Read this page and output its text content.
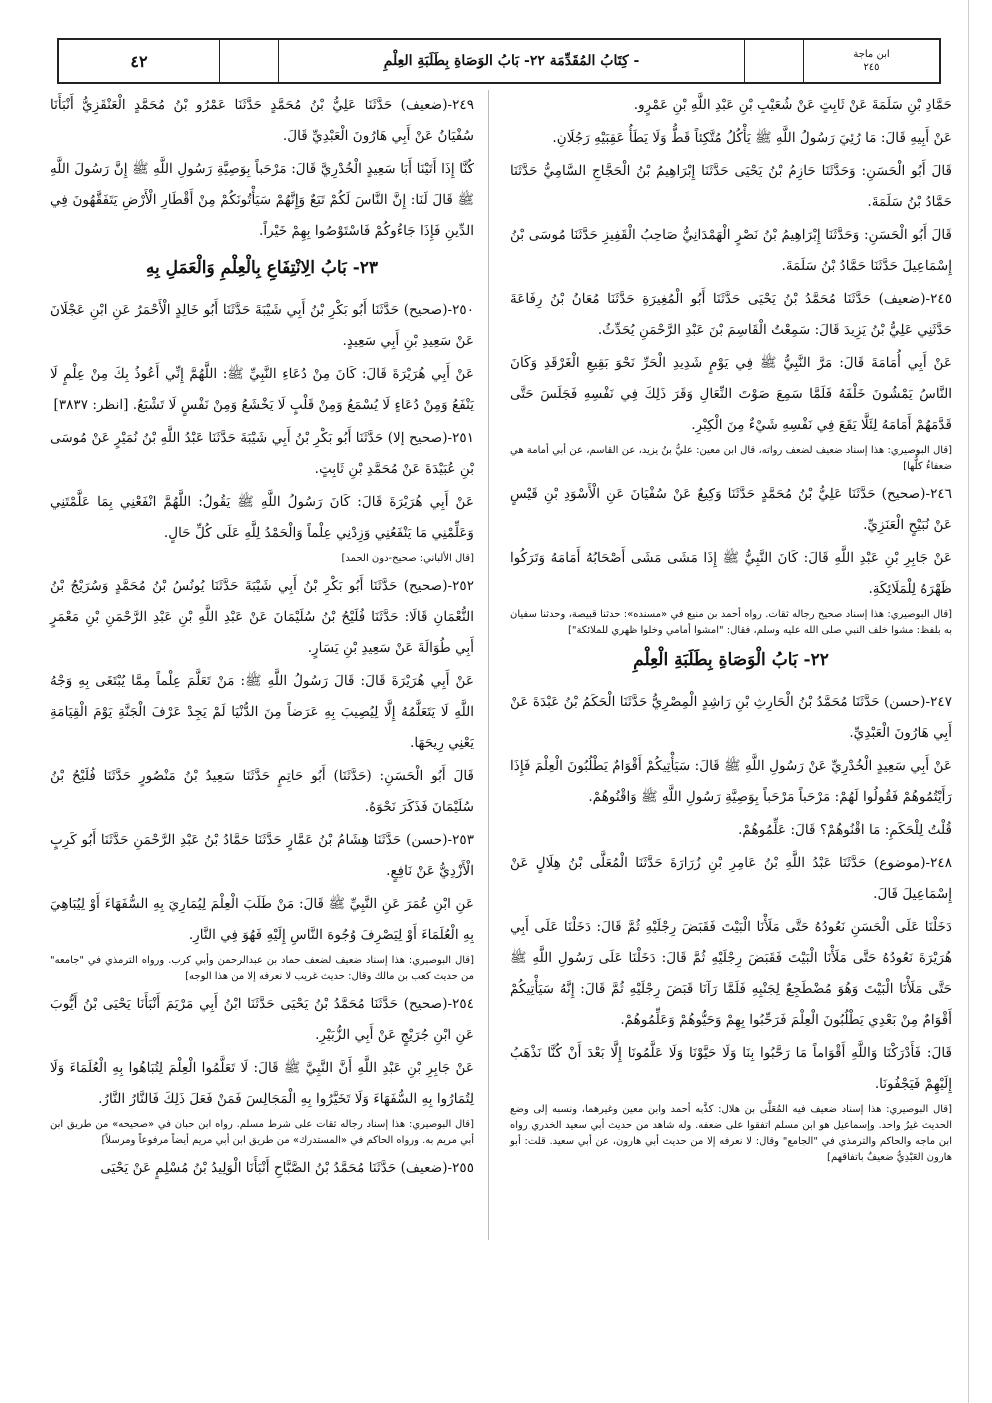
٤٢	- كِتَابُ المُقَدِّمَة ٢٢- بَابُ الوَصَاةِ بِطَلَبَةِ العِلْمِ	ابن ماجة
٢٤٥

حَمَّادِ بْنِ سَلَمَةَ عَنْ ثَابِتٍ عَنْ شُعَيْبِ بْنِ عَبْدِ اللَّهِ بْنِ عَمْرٍو.

عَنْ أَبِيهِ قَالَ: مَا رُئِيَ رَسُولُ اللَّهِ ﷺ يَأْكُلُ مُتَّكِئاً قَطُّ وَلَا يَطَأُ عَقِبَيْهِ رَجُلَانِ.

قَالَ أَبُو الْحَسَنِ: وَحَدَّثَنَا حَازِمُ بْنُ يَحْيَى حَدَّثَنَا إِبْرَاهِيمُ بْنُ الْحَجَّاجِ السَّامِيُّ حَدَّثَنَا حَمَّادُ بْنُ سَلَمَةَ.

قَالَ أَبُو الْحَسَنِ: وَحَدَّثَنَا إِبْرَاهِيمُ بْنُ نَصْرٍ الْهَمْدَانِيُّ صَاحِبُ الْقَفِيزِ حَدَّثَنَا مُوسَى بْنُ إِسْمَاعِيلَ حَدَّثَنَا حَمَّادُ بْنُ سَلَمَةَ.

٢٤٥-(ضعيف) حَدَّثَنَا مُحَمَّدُ بْنُ يَحْيَى حَدَّثَنَا أَبُو الْمُغِيرَةِ حَدَّثَنَا مُعَانُ بْنُ رِفَاعَةَ حَدَّثَنِي عَلِيُّ بْنُ يَزِيدَ قَالَ: سَمِعْتُ الْقَاسِمَ بْنَ عَبْدِ الرَّحْمَنِ يُحَدِّثُ.

عَنْ أَبِي أُمَامَةَ قَالَ: مَرَّ النَّبِيُّ ﷺ فِي يَوْمٍ شَدِيدِ الْحَرِّ نَحْوَ بَقِيعِ الْغَرْقَدِ وَكَانَ النَّاسُ يَمْشُونَ خَلْفَهُ فَلَمَّا سَمِعَ صَوْتَ النِّعَالِ وَقَرَ ذَلِكَ فِي نَفْسِهِ فَجَلَسَ حَتَّى قَدَّمَهُمْ أَمَامَهُ لِئَلَّا يَقَعَ فِي نَفْسِهِ شَيْءٌ مِنَ الْكِبْرِ.

[قال البوصيري: هذا إسناد ضعيف لضعف رواته، قال ابن معين: عليُّ بنُ يزيد، عن القاسم، عن أبي أمامة هي ضعفاءُ كلُّها]

٢٤٦-(صحيح) حَدَّثَنَا عَلِيُّ بْنُ مُحَمَّدٍ حَدَّثَنَا وَكِيعٌ عَنْ سُفْيَانَ عَنِ الْأَسْوَدِ بْنِ قَيْسٍ عَنْ نُبَيْحٍ الْعَنَزِيِّ.

عَنْ جَابِرِ بْنِ عَبْدِ اللَّهِ قَالَ: كَانَ النَّبِيُّ ﷺ إِذَا مَشَى مَشَى أَصْحَابُهُ أَمَامَهُ وَتَرَكُوا ظَهْرَهُ لِلْمَلَائِكَةِ.

[قال البوصيري: هذا إسناد صحيح رجاله ثقات. رواه أحمد بن منيع في «مسنده»: حدثنا قبيصة، وحدثنا سفيان به بلفظ: مشوا خلف النبي صلى الله عليه وسلم، فقال: "امشوا أمامي وخلوا ظهري للملائكة"]

٢٢- بَابُ الْوَصَاةِ بِطَلَبَةِ الْعِلْمِ

٢٤٧-(حسن) حَدَّثَنَا مُحَمَّدُ بْنُ الْحَارِثِ بْنِ رَاشِدٍ الْمِصْرِيُّ حَدَّثَنَا الْحَكَمُ بْنُ عَبْدَةَ عَنْ أَبِي هَارُونَ الْعَبْدِيِّ.

عَنْ أَبِي سَعِيدٍ الْخُدْرِيِّ عَنْ رَسُولِ اللَّهِ ﷺ قَالَ: سَيَأْتِيكُمْ أَقْوَامٌ يَطْلُبُونَ الْعِلْمَ فَإِذَا رَأَيْتُمُوهُمْ فَقُولُوا لَهُمْ: مَرْحَباً مَرْحَباً بِوَصِيَّةِ رَسُولِ اللَّهِ ﷺ وَاقْنُوهُمْ.

قُلْتُ لِلْحَكَمِ: مَا اقْنُوهُمْ؟ قَالَ: عَلِّمُوهُمْ.

٢٤٨-(موضوع) حَدَّثَنَا عَبْدُ اللَّهِ بْنُ عَامِرِ بْنِ زُرَارَةَ حَدَّثَنَا الْمُعَلَّى بْنُ هِلَالٍ عَنْ إِسْمَاعِيلَ قَالَ.

دَخَلْنَا عَلَى الْحَسَنِ نَعُودُهُ حَتَّى مَلَأْنَا الْبَيْتَ فَقَبَضَ رِجْلَيْهِ ثُمَّ قَالَ: دَخَلْنَا عَلَى أَبِي هُرَيْرَةَ نَعُودُهُ حَتَّى مَلَأْنَا الْبَيْتَ فَقَبَضَ رِجْلَيْهِ ثُمَّ قَالَ: دَخَلْنَا عَلَى رَسُولِ اللَّهِ ﷺ حَتَّى مَلَأْنَا الْبَيْتَ وَهُوَ مُضْطَجِعٌ لِجَنْبِهِ فَلَمَّا رَآنَا قَبَضَ رِجْلَيْهِ ثُمَّ قَالَ: إِنَّهُ سَيَأْتِيكُمْ أَقْوَامٌ مِنْ بَعْدِي يَطْلُبُونَ الْعِلْمَ فَرَحِّبُوا بِهِمْ وَحَيُّوهُمْ وَعَلِّمُوهُمْ.

قَالَ: فَأَدْرَكْنَا وَاللَّهِ أَقْوَاماً مَا رَحَّبُوا بِنَا وَلَا حَيَّوْنَا وَلَا عَلَّمُونَا إِلَّا بَعْدَ أَنْ كُنَّا نَذْهَبُ إِلَيْهِمْ فَيَجْفُونَا.

[قال البوصيري: هذا إسناد ضعيف فيه المُعَلَّى بن هلال: كذَّبه أحمد وابن معين وغيرهما، ونسبه إلى وضع الحديث غيرُ واحد. وإسماعيل هو ابن مسلم اتفقوا على ضعفه. وله شاهد من حديث أبي سعيد الخدري رواه ابن ماجه والحاكم والترمذي في "الجامع" وقال: لا نعرفه إلا من حديث أبي هارون، عن أبي سعيد. قلت: أبو هارون العَبْدِيُّ ضعيفٌ باتفاقهم]

٢٤٩-(ضعيف) حَدَّثَنَا عَلِيُّ بْنُ مُحَمَّدٍ حَدَّثَنَا عَمْرُو بْنُ مُحَمَّدٍ الْعَنْقَزِيُّ أَنْبَأَنَا سُفْيَانُ عَنْ أَبِي هَارُونَ الْعَبْدِيِّ قَالَ.

كُنَّا إِذَا أَتَيْنَا أَبَا سَعِيدٍ الْخُدْرِيَّ قَالَ: مَرْحَباً بِوَصِيَّةِ رَسُولِ اللَّهِ ﷺ إِنَّ رَسُولَ اللَّهِ ﷺ قَالَ لَنَا: إِنَّ النَّاسَ لَكُمْ تَبَعٌ وَإِنَّهُمْ سَيَأْتُونَكُمْ مِنْ أَقْطَارِ الْأَرْضِ يَتَفَقَّهُونَ فِي الدِّينِ فَإِذَا جَاءُوكُمْ فَاسْتَوْصُوا بِهِمْ خَيْراً.

٢٣- بَابُ الِانْتِفَاعِ بِالْعِلْمِ وَالْعَمَلِ بِهِ

٢٥٠-(صحيح) حَدَّثَنَا أَبُو بَكْرِ بْنُ أَبِي شَيْبَةَ حَدَّثَنَا أَبُو خَالِدٍ الْأَحْمَرُ عَنِ ابْنِ عَجْلَانَ عَنْ سَعِيدِ بْنِ أَبِي سَعِيدٍ.

عَنْ أَبِي هُرَيْرَةَ قَالَ: كَانَ مِنْ دُعَاءِ النَّبِيِّ ﷺ: اللَّهُمَّ إِنِّي أَعُوذُ بِكَ مِنْ عِلْمٍ لَا يَنْفَعُ وَمِنْ دُعَاءٍ لَا يُسْمَعُ وَمِنْ قَلْبٍ لَا يَخْشَعُ وَمِنْ نَفْسٍ لَا تَشْبَعُ. [انظر: ٣٨٣٧]

٢٥١-(صحيح إلا) حَدَّثَنَا أَبُو بَكْرِ بْنُ أَبِي شَيْبَةَ حَدَّثَنَا عَبْدُ اللَّهِ بْنُ نُمَيْرٍ عَنْ مُوسَى بْنِ عُبَيْدَةَ عَنْ مُحَمَّدِ بْنِ ثَابِتٍ.

عَنْ أَبِي هُرَيْرَةَ قَالَ: كَانَ رَسُولُ اللَّهِ ﷺ يَقُولُ: اللَّهُمَّ انْفَعْنِي بِمَا عَلَّمْتَنِي وَعَلِّمْنِي مَا يَنْفَعُنِي وَزِدْنِي عِلْماً وَالْحَمْدُ لِلَّهِ عَلَى كُلِّ حَالٍ.

[قال الألباني: صحيح-دون الحمد]

٢٥٢-(صحيح) حَدَّثَنَا أَبُو بَكْرِ بْنُ أَبِي شَيْبَةَ حَدَّثَنَا يُونُسُ بْنُ مُحَمَّدٍ وَسُرَيْجُ بْنُ النُّعْمَانِ قَالَا: حَدَّثَنَا فُلَيْحُ بْنُ سُلَيْمَانَ عَنْ عَبْدِ اللَّهِ بْنِ عَبْدِ الرَّحْمَنِ بْنِ مَعْمَرٍ أَبِي طُوَالَةَ عَنْ سَعِيدِ بْنِ يَسَارٍ.

عَنْ أَبِي هُرَيْرَةَ قَالَ: قَالَ رَسُولُ اللَّهِ ﷺ: مَنْ تَعَلَّمَ عِلْماً مِمَّا يُبْتَغَى بِهِ وَجْهُ اللَّهِ لَا يَتَعَلَّمُهُ إِلَّا لِيُصِيبَ بِهِ عَرَضاً مِنَ الدُّنْيَا لَمْ يَجِدْ عَرْفَ الْجَنَّةِ يَوْمَ الْقِيَامَةِ يَعْنِي رِيحَهَا.

قَالَ أَبُو الْحَسَنِ: (حَدَّثَنَا) أَبُو حَاتِمٍ حَدَّثَنَا سَعِيدُ بْنُ مَنْصُورٍ حَدَّثَنَا فُلَيْحُ بْنُ سُلَيْمَانَ فَذَكَرَ نَحْوَهُ.

٢٥٣-(حسن) حَدَّثَنَا هِشَامُ بْنُ عَمَّارٍ حَدَّثَنَا حَمَّادُ بْنُ عَبْدِ الرَّحْمَنِ حَدَّثَنَا أَبُو كَرِبٍ الْأَزْدِيُّ عَنْ نَافِعٍ.

عَنِ ابْنِ عُمَرَ عَنِ النَّبِيِّ ﷺ قَالَ: مَنْ طَلَبَ الْعِلْمَ لِيُمَارِيَ بِهِ السُّفَهَاءَ أَوْ لِيُبَاهِيَ بِهِ الْعُلَمَاءَ أَوْ لِيَصْرِفَ وُجُوهَ النَّاسِ إِلَيْهِ فَهُوَ فِي النَّارِ.

[قال البوصيري: هذا إسناد ضعيف لضعف حماد بن عبدالرحمن وأبي كرب. ورواه الترمذي في "جامعه" من حديث كعب بن مالك وقال: حديث غريب لا نعرفه إلا من هذا الوجه]

٢٥٤-(صحيح) حَدَّثَنَا مُحَمَّدُ بْنُ يَحْيَى حَدَّثَنَا ابْنُ أَبِي مَرْيَمَ أَنْبَأَنَا يَحْيَى بْنُ أَيُّوبَ عَنِ ابْنِ جُرَيْجٍ عَنْ أَبِي الزُّبَيْرِ.

عَنْ جَابِرِ بْنِ عَبْدِ اللَّهِ أَنَّ النَّبِيَّ ﷺ قَالَ: لَا تَعَلَّمُوا الْعِلْمَ لِتُبَاهُوا بِهِ الْعُلَمَاءَ وَلَا لِتُمَارُوا بِهِ السُّفَهَاءَ وَلَا تَخَيَّرُوا بِهِ الْمَجَالِسَ فَمَنْ فَعَلَ ذَلِكَ فَالنَّارُ النَّارُ.

[قال البوصيري: هذا إسناد رجاله ثقات على شرط مسلم. رواه ابن حبان في «صحيحه» من طريق ابن أبي مريم به. ورواه الحاكم في «المستدرك» من طريق ابن أبي مريم أيضاً مرفوعاً ومرسلاً]

٢٥٥-(ضعيف) حَدَّثَنَا مُحَمَّدُ بْنُ الصَّبَّاحِ أَنْبَأَنَا الْوَلِيدُ بْنُ مُسْلِمٍ عَنْ يَحْيَى
